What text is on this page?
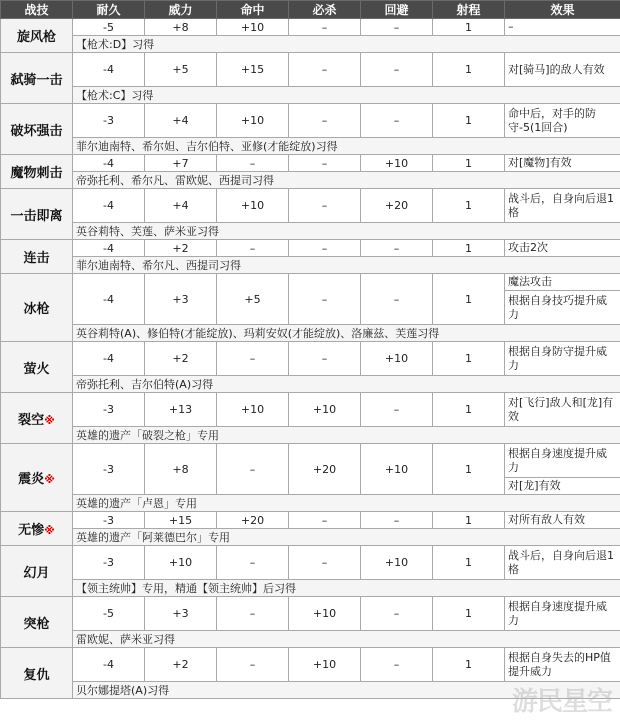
战技	耐久	威力	命中	必杀	回避	射程	效果
旋风枪	-5	+8	+10	–	–	1	–
	【枪术:D】习得						
弑骑一击	-4	+5	+15	–	–	1	对[骑马]的敌人有效
	【枪术:C】习得						
破坏强击	-3	+4	+10	–	–	1	命中后，对手的防守-5(1回合)
	菲尔迪南特、希尔妲、吉尔伯特、亚修(才能绽放)习得						
魔物刺击	-4	+7	–	–	+10	1	对[魔物]有效
	帝弥托利、希尔凡、雷欧妮、西提司习得						
一击即离	-4	+4	+10	–	+20	1	战斗后，自身向后退1格
	英谷莉特、芙莲、萨米亚习得						
连击	-4	+2	–	–	–	1	攻击2次
	菲尔迪南特、希尔凡、西提司习得						
冰枪	-4	+3	+5	–	–	1	魔法攻击
							根据自身技巧提升威力
	英谷莉特(A)、修伯特(才能绽放)、玛莉安奴(才能绽放)、洛廉兹、芙莲习得						
萤火	-4	+2	–	–	+10	1	根据自身防守提升威力
	帝弥托利、吉尔伯特(A)习得						
裂空※	-3	+13	+10	+10	–	1	对[飞行]敌人和[龙]有效
	英雄的遗产「破裂之枪」专用						
震炎※	-3	+8	–	+20	+10	1	根据自身速度提升威力
							对[龙]有效
	英雄的遗产「卢恩」专用						
无惨※	-3	+15	+20	–	–	1	对所有敌人有效
	英雄的遗产「阿莱德巴尔」专用						
幻月	-3	+10	–	–	+10	1	战斗后，自身向后退1格
	【领主统帅】专用，精通【领主统帅】后习得						
突枪	-5	+3	–	+10	–	1	根据自身速度提升威力
	雷欧妮、萨米亚习得						
复仇	-4	+2	–	+10	–	1	根据自身失去的HP值提升威力
	贝尔娜提塔(A)习得							游民星空
